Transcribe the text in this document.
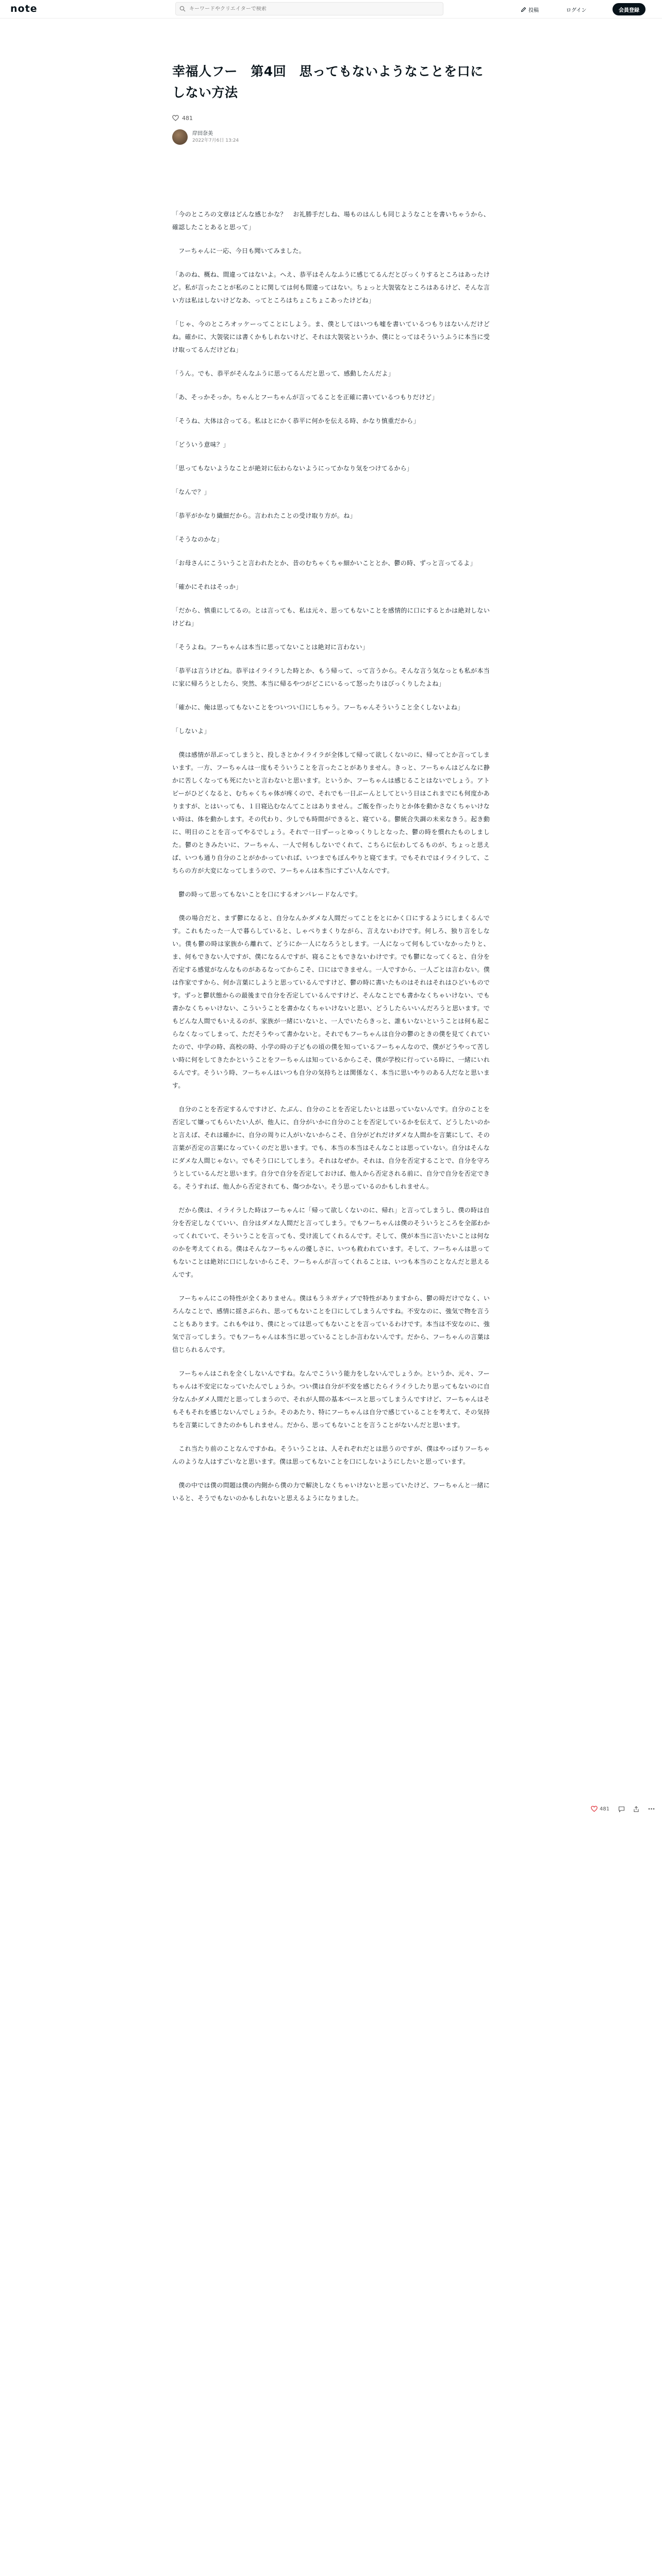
note
キーワードやクリエイターで検索	投稿	ログイン	会員登録
幸福人フー　第4回　思ってもないようなことを口にしない方法
481
岸田奈美
2022年7月6日 13:24

「今のところの文章はどんな感じかな？　お礼勝手だしね、場ものはんしも同じようなことを書いちゃうから、確認したことあると思って」

　フーちゃんに一応、今日も聞いてみました。

「あのね、概ね、間違ってはないよ。へえ、恭平はそんなふうに感じてるんだとびっくりするところはあったけど。私が言ったことが私のことに関しては何も間違ってはない。ちょっと大袈裟なところはあるけど、そんな言い方は私はしないけどなあ、ってところはちょこちょこあったけどね」

「じゃ、今のところオッケーってことにしよう。ま、僕としてはいつも嘘を書いているつもりはないんだけどね。確かに、大袈裟には書くかもしれないけど、それは大袈裟というか、僕にとってはそういうふうに本当に受け取ってるんだけどね」

「うん。でも、恭平がそんなふうに思ってるんだと思って、感動したんだよ」

「あ、そっかそっか。ちゃんとフーちゃんが言ってることを正確に書いているつもりだけど」

「そうね、大体は合ってる。私はとにかく恭平に何かを伝える時、かなり慎重だから」

「どういう意味？」

「思ってもないようなことが絶対に伝わらないようにってかなり気をつけてるから」

「なんで？」

「恭平がかなり繊細だから。言われたことの受け取り方が。ね」

「そうなのかな」

「お母さんにこういうこと言われたとか、昔のむちゃくちゃ細かいこととか、鬱の時、ずっと言ってるよ」

「確かにそれはそっか」

「だから、慎重にしてるの。とは言っても、私は元々、思ってもないことを感情的に口にするとかは絶対しないけどね」

「そうよね。フーちゃんは本当に思ってないことは絶対に言わない」

「恭平は言うけどね。恭平はイライラした時とか、もう帰って、って言うから。そんな言う気なっとも私が本当に家に帰ろうとしたら、突然、本当に帰るやつがどこにいるって怒ったりはびっくりしたよね」

「確かに、俺は思ってもないことをついつい口にしちゃう。フーちゃんそういうこと全くしないよね」

「しないよ」

　僕は感情が昂ぶってしまうと、投しさとかイライラが全体して帰って欲しくないのに、帰ってとか言ってしまいます。一方、フーちゃんは一度もそういうことを言ったことがありません。きっと、フーちゃんはどんなに静かに苦しくなっても死にたいと言わないと思います。というか、フーちゃんは感じることはないでしょう。アトピーがひどくなると、むちゃくちゃ体が疼くので、それでも一日ぶーんとしてという日はこれまでにも何度かありますが、とはいっても、１日寝込むなんてことはありません。ご飯を作ったりとか体を動かさなくちゃいけない時は、体を動かします。その代わり、少しでも時間ができると、寝ている。鬱統合失調の未来なきう。起き動に、明日のことを言ってやるでしょう。それで一日ずーっとゆっくりしとなった、鬱の時を慣れたものしました。鬱のときみたいに、フーちゃん、一人で何もしないでくれて、こちらに伝わしてるものが、ちょっと思えば、いつも通り自分のことがかかっていれば、いつまでもぼんやりと寝てます。でもそれではイライラして、こちらの方が大変になってしまうので、フーちゃんは本当にすごい人なんです。

　鬱の時って思ってもないことを口にするオンパレードなんです。

　僕の場合だと、まず鬱になると、自分なんかダメな人間だってことをとにかく口にするようにしまくるんです。これもたった一人で暮らしていると、しゃべりまくりながら、言えないわけです。何しろ、独り言をしない。僕も鬱の時は家族から離れて、どうにか一人になろうとします。一人になって何もしていなかったりと、ま、何もできない人ですが、僕になるんですが、寝ることもできないわけです。でも鬱になってくると、自分を否定する感覚がなんなものがあるなってからこそ、口にはできません。一人ですから、一人ごとは言わない。僕は作家ですから、何か言葉にしようと思っているんですけど、鬱の時に書いたものはそれはそれはひどいものです。ずっと鬱状態からの最後まで自分を否定しているんですけど、そんなことでも書かなくちゃいけない、でも書かなくちゃいけない、こういうことを書かなくちゃいけないと思い、どうしたらいいんだろうと思います。でもどんな人間でもいえるのが、家族が一緒にいないと、一人でいたらきっと、誰もいないということは何も起こらなくなってしまって、ただそうやって書かないと。それでもフーちゃんは自分の鬱のときの僕を見てくれていたので、中学の時、高校の時、小学の時の子どもの頃の僕を知っているフーちゃんなので、僕がどうやって苦しい時に何をしてきたかということをフーちゃんは知っているからこそ、僕が学校に行っている時に、一緒にいれるんです。そういう時、フーちゃんはいつも自分の気持ちとは関係なく、本当に思いやりのある人だなと思います。

　自分のことを否定するんですけど、たぶん、自分のことを否定したいとは思っていないんです。自分のことを否定して嫌ってもらいたい人が、他人に、自分がいかに自分のことを否定しているかを伝えて、どうしたいのかと言えば、それは確かに、自分の周りに人がいないからこそ、自分がどれだけダメな人間かを言葉にして、その言葉が否定の言葉になっていくのだと思います。でも、本当の本当はそんなことは思っていない。自分はそんなにダメな人間じゃない。でもそう口にしてしまう。それはなぜか。それは、自分を否定することで、自分を守ろうとしているんだと思います。自分で自分を否定しておけば、他人から否定される前に、自分で自分を否定できる。そうすれば、他人から否定されても、傷つかない。そう思っているのかもしれません。

　だから僕は、イライラした時はフーちゃんに「帰って欲しくないのに、帰れ」と言ってしまうし、僕の時は自分を否定しなくていい、自分はダメな人間だと言ってしまう。でもフーちゃんは僕のそういうところを全部わかってくれていて、そういうことを言っても、受け流してくれるんです。そして、僕が本当に言いたいことは何なのかを考えてくれる。僕はそんなフーちゃんの優しさに、いつも救われています。そして、フーちゃんは思ってもないことは絶対に口にしないからこそ、フーちゃんが言ってくれることは、いつも本当のことなんだと思えるんです。

　フーちゃんにこの特性が全くありません。僕はもうネガティブで特性がありますから、鬱の時だけでなく、いろんなことで、感情に揺さぶられ、思ってもないことを口にしてしまうんですね。不安なのに、強気で物を言うこともあります。これもやはり、僕にとっては思ってもないことを言っているわけです。本当は不安なのに、強気で言ってしまう。でもフーちゃんは本当に思っていることしか言わないんです。だから、フーちゃんの言葉は信じられるんです。

　フーちゃんはこれを全くしないんですね。なんでこういう能力をしないんでしょうか。というか、元々、フーちゃんは不安定になっていたんでしょうか。つい僕は自分が不安を感じたらイライラしたり思ってもないのに自分なんかダメ人間だと思ってしまうので、それが人間の基本ベースと思ってしまうんですけど、フーちゃんはそもそもそれを感じないんでしょうか。そのあたり、特にフーちゃんは自分で感じていることを考えて、その気持ちを言葉にしてきたのかもしれません。だから、思ってもないことを言うことがないんだと思います。

　これ当たり前のことなんですかね。そういうことは、人それぞれだとは思うのですが、僕はやっぱりフーちゃんのような人はすごいなと思います。僕は思ってもないことを口にしないようにしたいと思っています。

　僕の中では僕の問題は僕の内側から僕の力で解決しなくちゃいけないと思っていたけど、フーちゃんと一緒にいると、そうでもないのかもしれないと思えるようになりました。

481
